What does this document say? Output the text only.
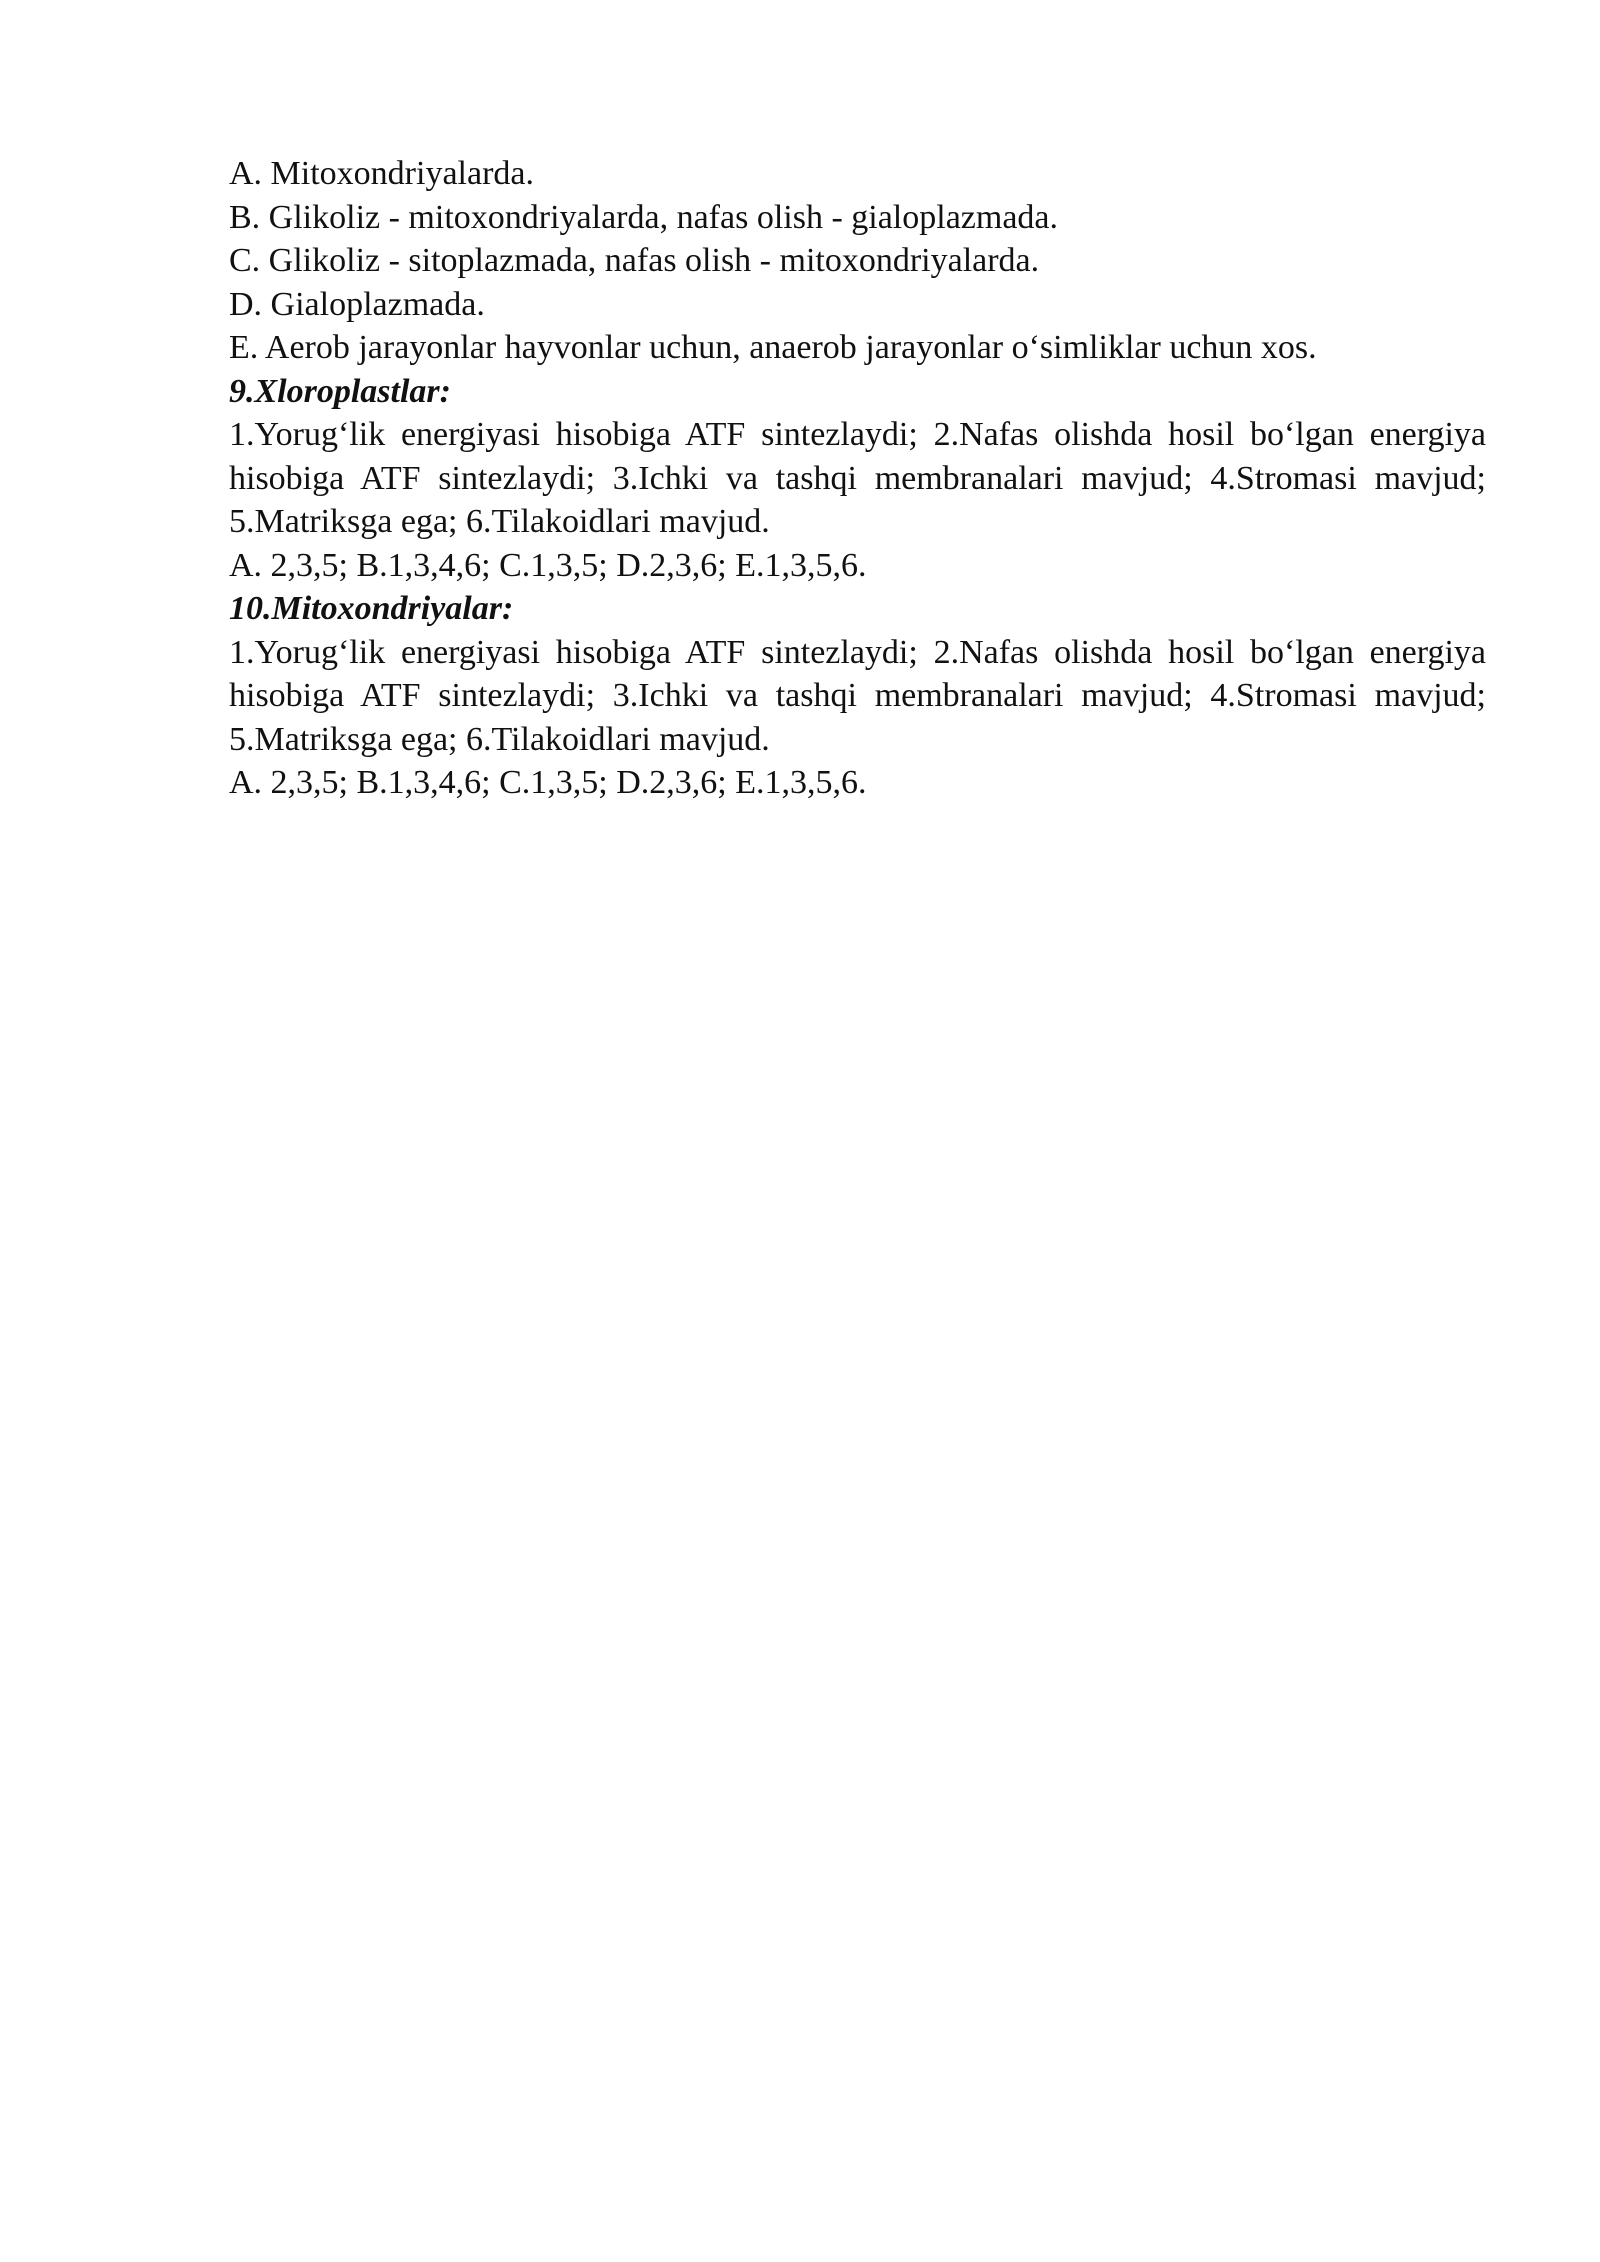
A. Mitoxondriyalarda.

B. Glikoliz - mitoxondriyalarda, nafas olish - gialoplazmada.

C. Glikoliz - sitoplazmada, nafas olish - mitoxondriyalarda.

D. Gialoplazmada.

E. Aerob jarayonlar hayvonlar uchun, anaerob jarayonlar o‘simliklar uchun xos.

9.Xloroplastlar:

1.Yorug‘lik energiyasi hisobiga ATF sintezlaydi; 2.Nafas olishda hosil bo‘lgan energiya hisobiga ATF sintezlaydi; 3.Ichki va tashqi membranalari mavjud; 4.Stromasi mavjud; 5.Matriksga ega; 6.Tilakoidlari mavjud.

A. 2,3,5; B.1,3,4,6; C.1,3,5; D.2,3,6; E.1,3,5,6.

10.Mitoxondriyalar:

1.Yorug‘lik energiyasi hisobiga ATF sintezlaydi; 2.Nafas olishda hosil bo‘lgan energiya hisobiga ATF sintezlaydi; 3.Ichki va tashqi membranalari mavjud; 4.Stromasi mavjud; 5.Matriksga ega; 6.Tilakoidlari mavjud.

A. 2,3,5; B.1,3,4,6; C.1,3,5; D.2,3,6; E.1,3,5,6.
